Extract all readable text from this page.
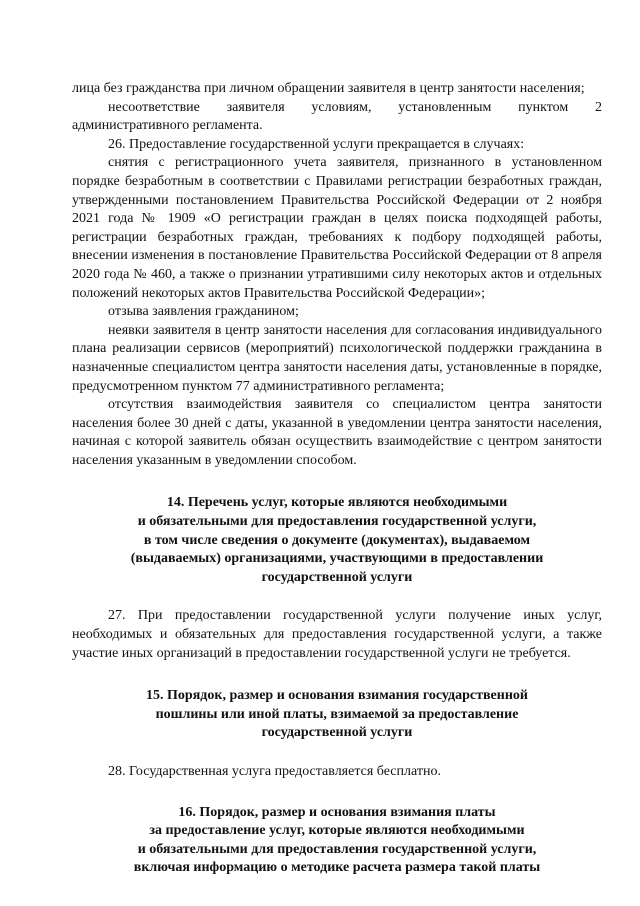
лица без гражданства при личном обращении заявителя в центр занятости населения;

несоответствие заявителя условиям, установленным пунктом 2 административного регламента.

26. Предоставление государственной услуги прекращается в случаях:

снятия с регистрационного учета заявителя, признанного в установленном порядке безработным в соответствии с Правилами регистрации безработных граждан, утвержденными постановлением Правительства Российской Федерации от 2 ноября 2021 года № 1909 «О регистрации граждан в целях поиска подходящей работы, регистрации безработных граждан, требованиях к подбору подходящей работы, внесении изменения в постановление Правительства Российской Федерации от 8 апреля 2020 года № 460, а также о признании утратившими силу некоторых актов и отдельных положений некоторых актов Правительства Российской Федерации»;

отзыва заявления гражданином;

неявки заявителя в центр занятости населения для согласования индивидуального плана реализации сервисов (мероприятий) психологической поддержки гражданина в назначенные специалистом центра занятости населения даты, установленные в порядке, предусмотренном пунктом 77 административного регламента;

отсутствия взаимодействия заявителя со специалистом центра занятости населения более 30 дней с даты, указанной в уведомлении центра занятости населения, начиная с которой заявитель обязан осуществить взаимодействие с центром занятости населения указанным в уведомлении способом.

14. Перечень услуг, которые являются необходимыми
и обязательными для предоставления государственной услуги,
в том числе сведения о документе (документах), выдаваемом
(выдаваемых) организациями, участвующими в предоставлении
государственной услуги

27. При предоставлении государственной услуги получение иных услуг, необходимых и обязательных для предоставления государственной услуги, а также участие иных организаций в предоставлении государственной услуги не требуется.

15. Порядок, размер и основания взимания государственной
пошлины или иной платы, взимаемой за предоставление
государственной услуги

28. Государственная услуга предоставляется бесплатно.

16. Порядок, размер и основания взимания платы
за предоставление услуг, которые являются необходимыми
и обязательными для предоставления государственной услуги,
включая информацию о методике расчета размера такой платы
